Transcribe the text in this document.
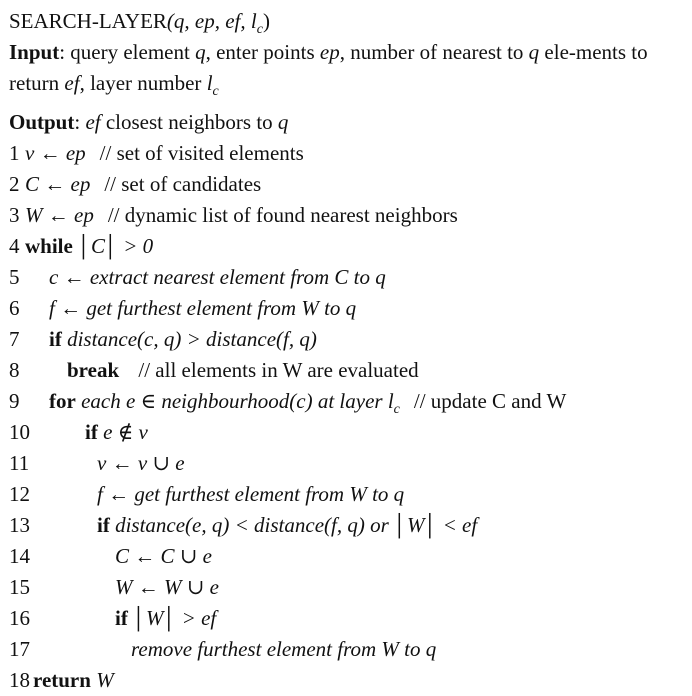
SEARCH-LAYER(q, ep, ef, $l_c$)
Input: query element q, enter points ep, number of nearest to q ele-ments to return ef, layer number $l_c$
Output: ef closest neighbors to q
1 v ← ep // set of visited elements
2 C ← ep // set of candidates
3 W ← ep // dynamic list of found nearest neighbors
4 while │C│ > 0
5 c ← extract nearest element from C to q
6 f ← get furthest element from W to q
7 if distance(c, q) > distance(f, q)
8 break // all elements in W are evaluated
9 for each e ∈ neighbourhood(c) at layer $l_c$ // update C and W
10	if e ∉ v
11	v ← v ∪ e
12	f ← get furthest element from W to q
13	if distance(e, q) < distance(f, q) or │W│ < ef
14	C ← C ∪ e
15	W ← W ∪ e
16	if │W│ > ef
17	remove furthest element from W to q
18 return W
